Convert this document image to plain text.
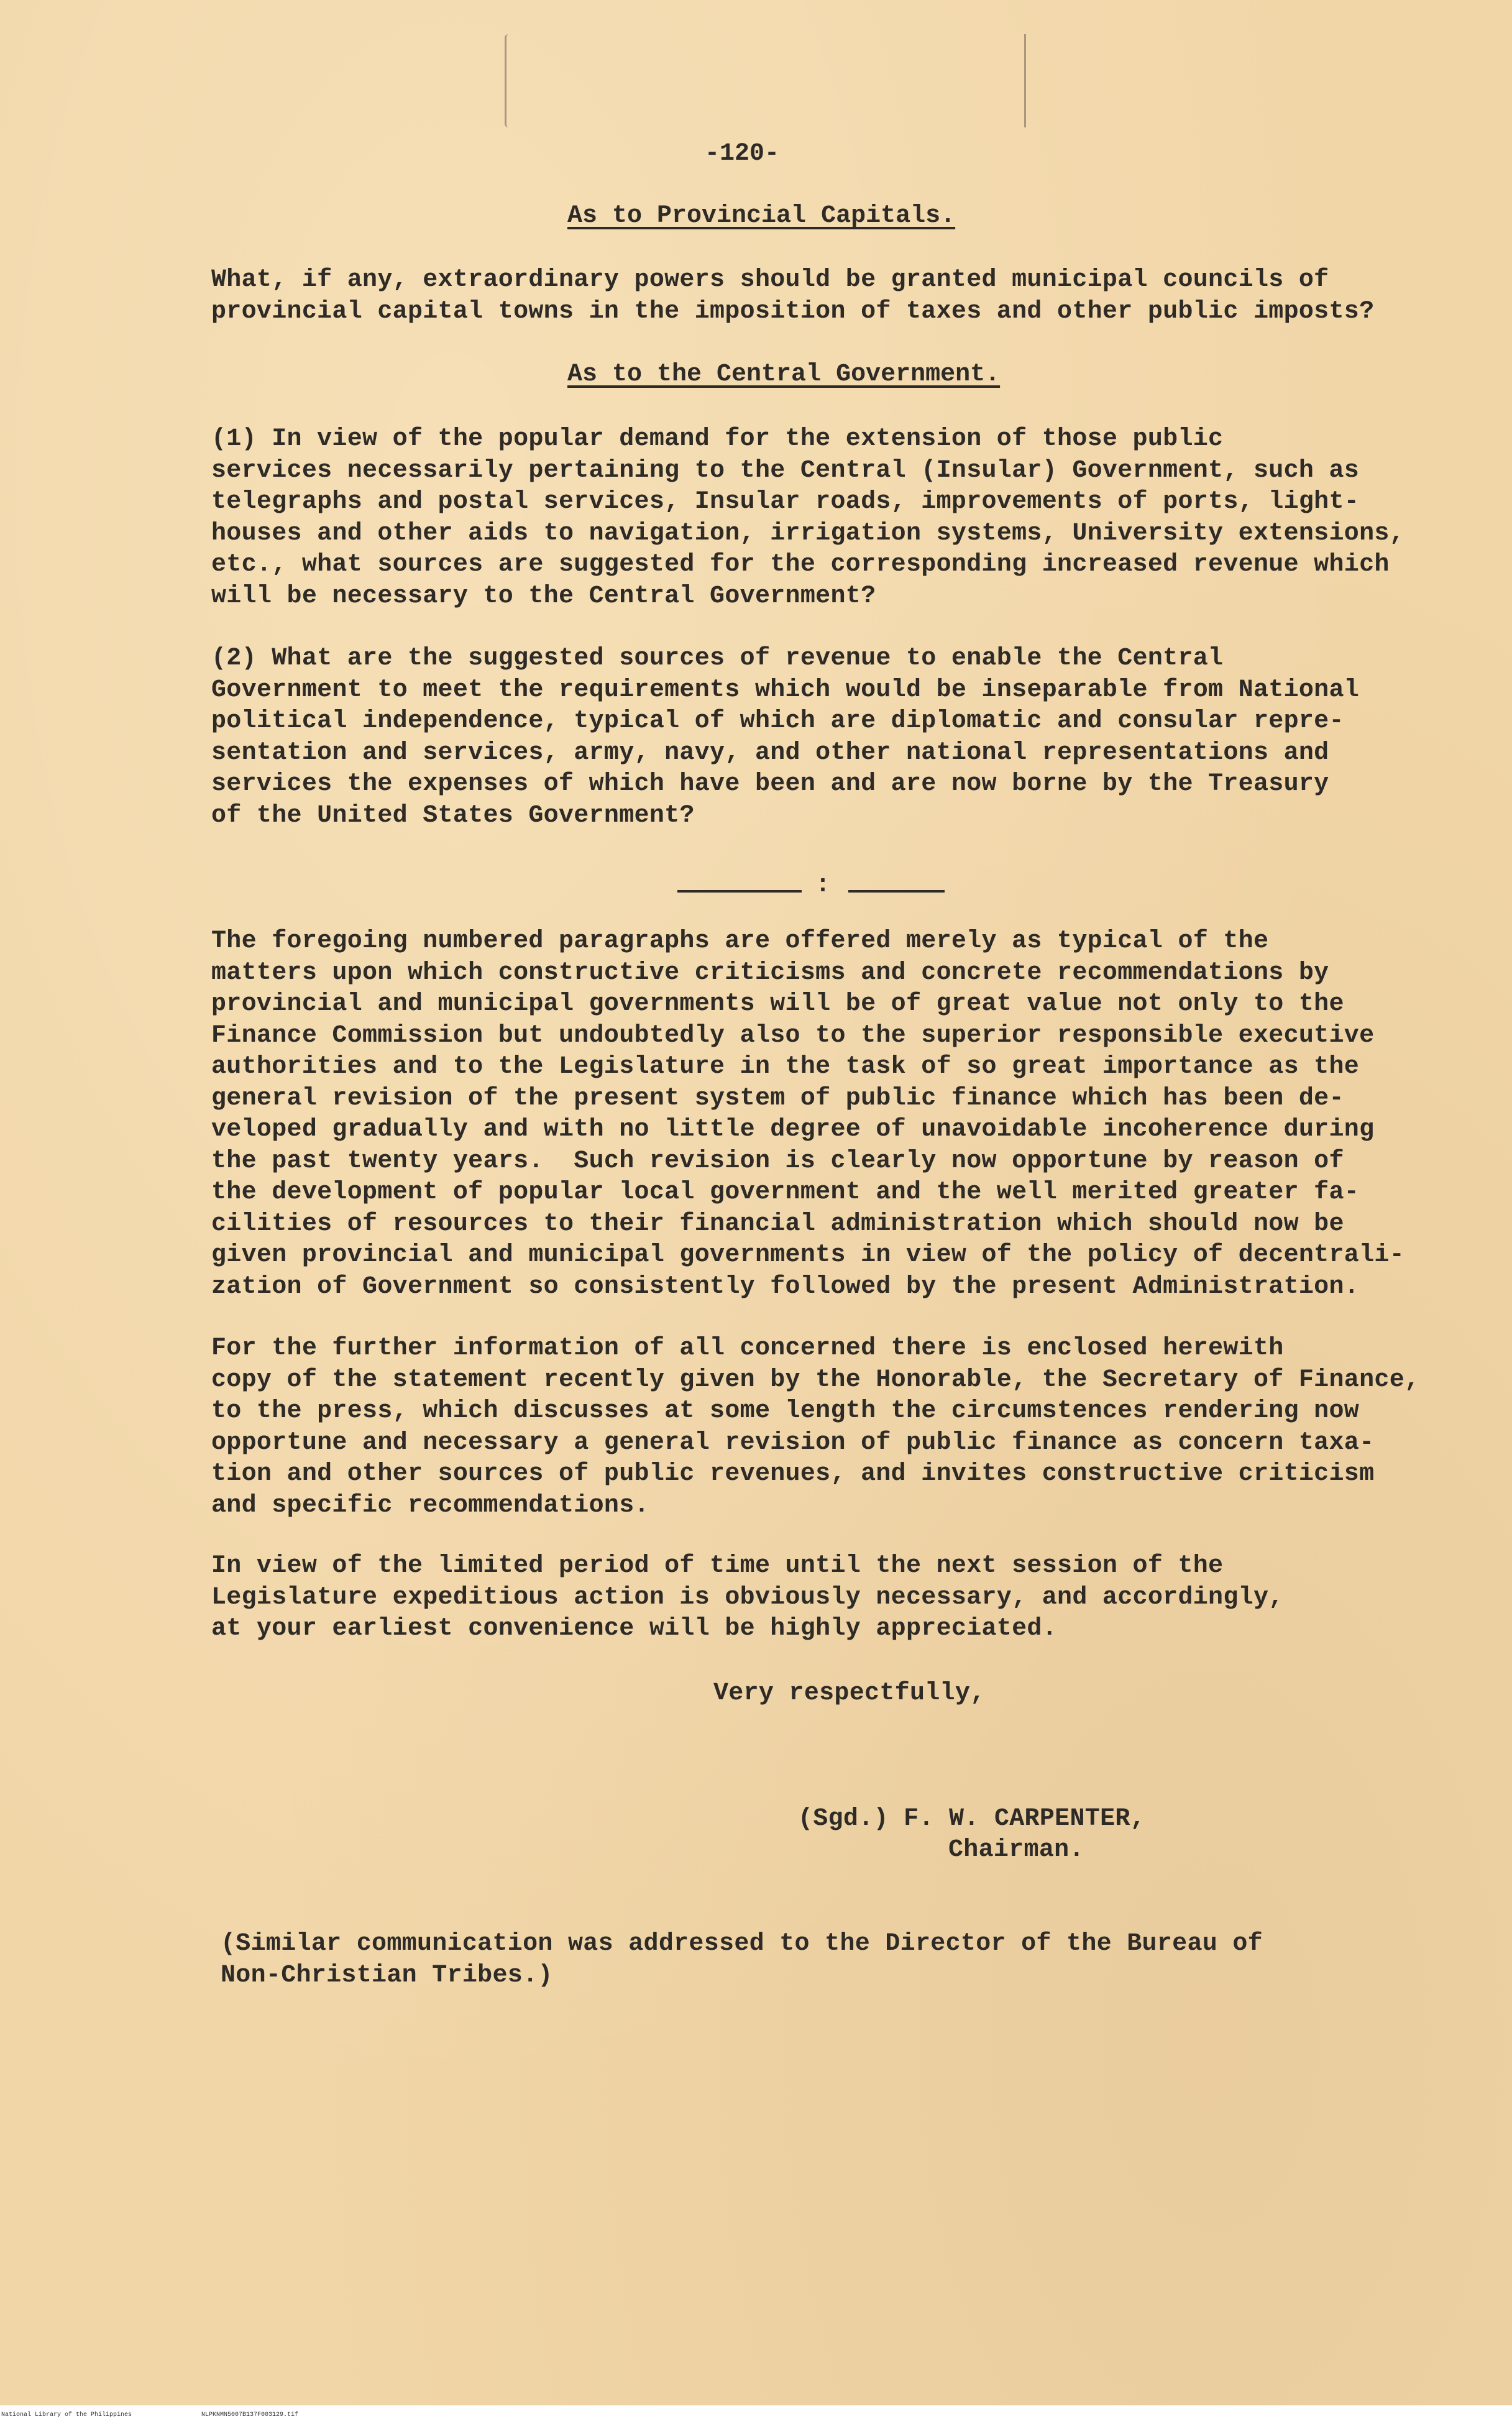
-120-
As to Provincial Capitals.
What, if any, extraordinary powers should be granted municipal councils of
provincial capital towns in the imposition of taxes and other public imposts?
As to the Central Government.
(1) In view of the popular demand for the extension of those public
services necessarily pertaining to the Central (Insular) Government, such as
telegraphs and postal services, Insular roads, improvements of ports, light-
houses and other aids to navigation, irrigation systems, University extensions,
etc., what sources are suggested for the corresponding increased revenue which
will be necessary to the Central Government?
(2) What are the suggested sources of revenue to enable the Central
Government to meet the requirements which would be inseparable from National
political independence, typical of which are diplomatic and consular repre-
sentation and services, army, navy, and other national representations and
services the expenses of which have been and are now borne by the Treasury
of the United States Government?
:
The foregoing numbered paragraphs are offered merely as typical of the
matters upon which constructive criticisms and concrete recommendations by
provincial and municipal governments will be of great value not only to the
Finance Commission but undoubtedly also to the superior responsible executive
authorities and to the Legislature in the task of so great importance as the
general revision of the present system of public finance which has been de-
veloped gradually and with no little degree of unavoidable incoherence during
the past twenty years.  Such revision is clearly now opportune by reason of
the development of popular local government and the well merited greater fa-
cilities of resources to their financial administration which should now be
given provincial and municipal governments in view of the policy of decentrali-
zation of Government so consistently followed by the present Administration.
For the further information of all concerned there is enclosed herewith
copy of the statement recently given by the Honorable, the Secretary of Finance,
to the press, which discusses at some length the circumstences rendering now
opportune and necessary a general revision of public finance as concern taxa-
tion and other sources of public revenues, and invites constructive criticism
and specific recommendations.
In view of the limited period of time until the next session of the
Legislature expeditious action is obviously necessary, and accordingly,
at your earliest convenience will be highly appreciated.
Very respectfully,
(Sgd.) F. W. CARPENTER,
Chairman.
(Similar communication was addressed to the Director of the Bureau of
Non-Christian Tribes.)
National Library of the Philippines	NLPKNMN5007B137F003129.tif
